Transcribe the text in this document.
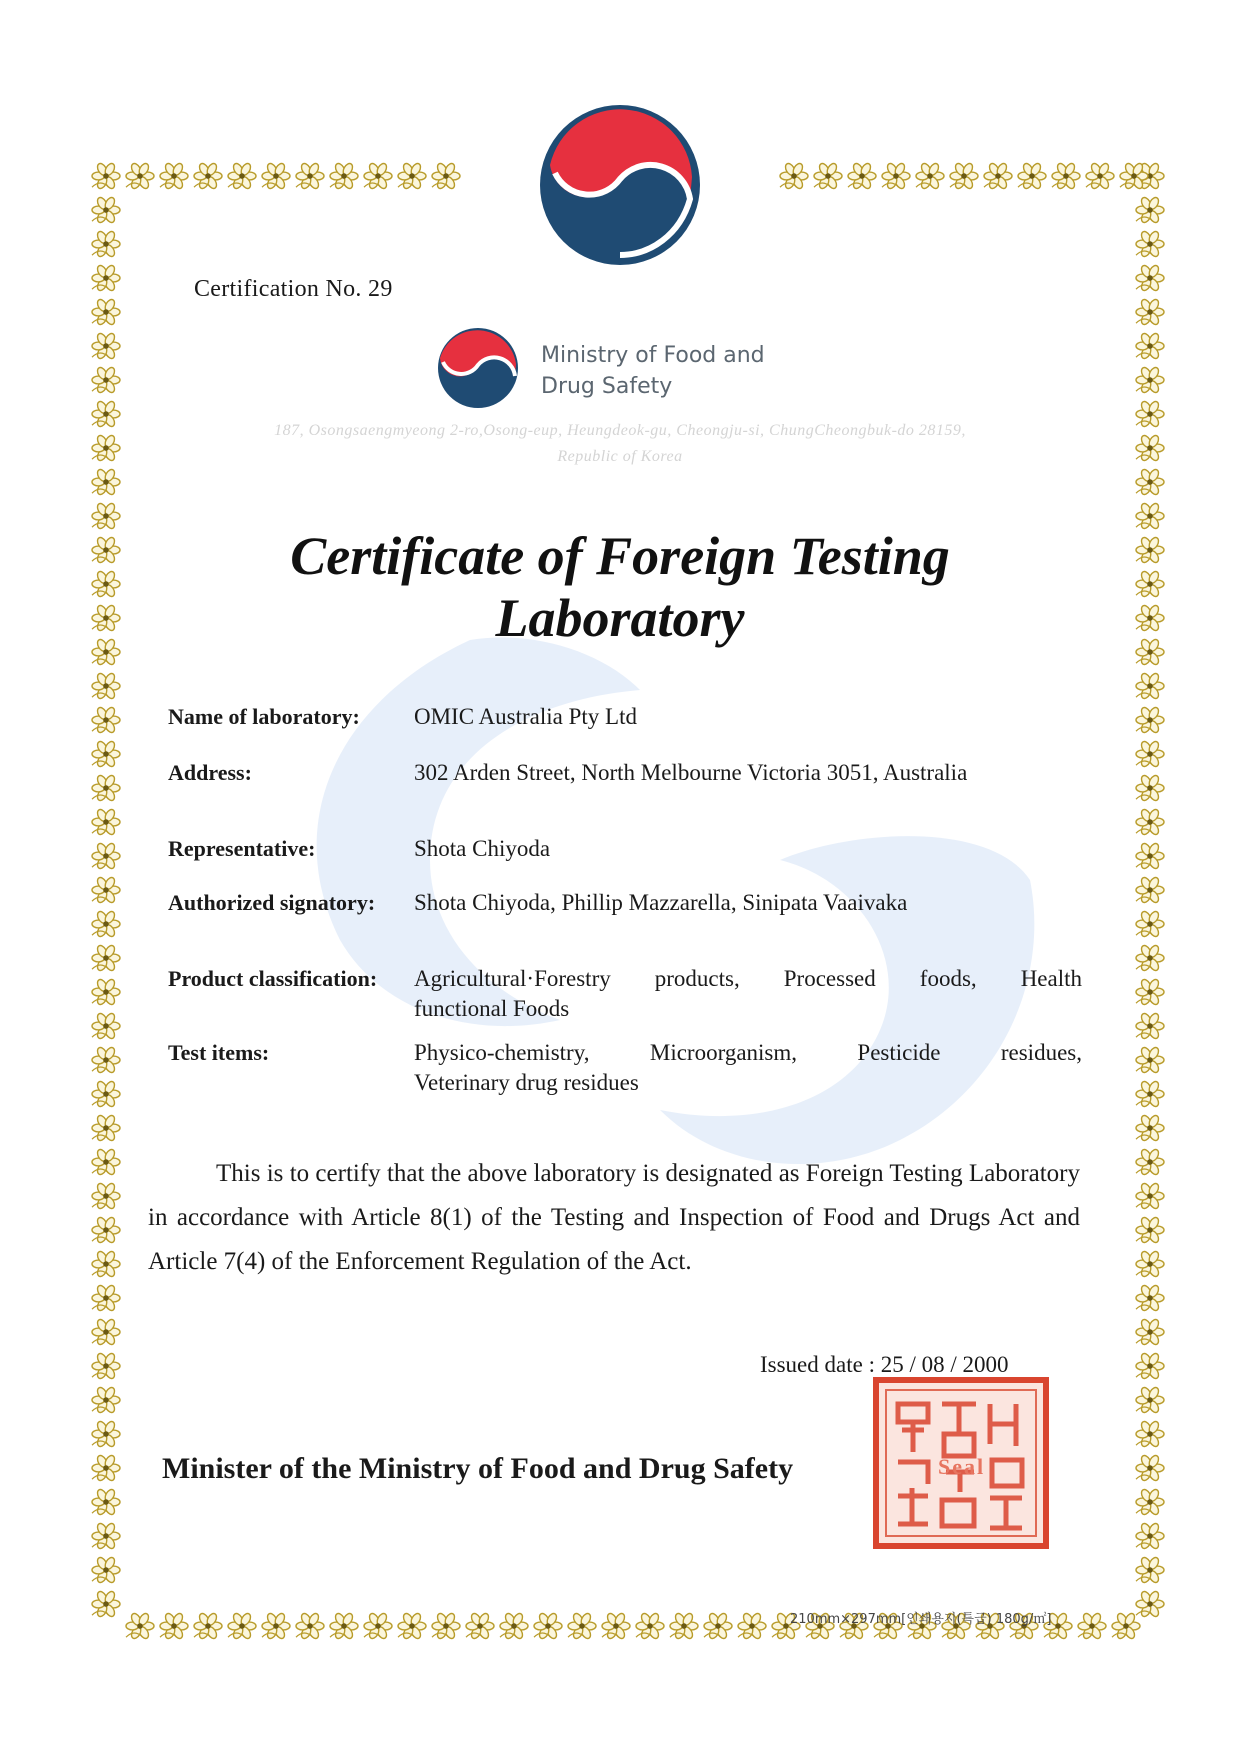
Certification No. 29
Ministry of Food and
Drug Safety
187, Osongsaengmyeong 2-ro,Osong-eup, Heungdeok-gu, Cheongju-si, ChungCheongbuk-do 28159,
Republic of Korea
Certificate of Foreign Testing
Laboratory
Name of laboratory: OMIC Australia Pty Ltd
Address:	302 Arden Street, North Melbourne Victoria 3051, Australia
Representative:	Shota Chiyoda
Authorized signatory: Shota Chiyoda, Phillip Mazzarella, Sinipata Vaaivaka
Product classification: Agricultural·Forestry products, Processed foods, Health
functional Foods
Test items:	Physico-chemistry, Microorganism, Pesticide residues,
Veterinary drug residues
This is to certify that the above laboratory is designated as Foreign Testing Laboratory in accordance with Article 8(1) of the Testing and Inspection of Food and Drugs Act and Article 7(4) of the Enforcement Regulation of the Act.
Issued date : 25 / 08 / 2000
Minister of the Ministry of Food and Drug Safety	Seal
210mm×297mm[인쇄용지(특급) 180g/㎡]
